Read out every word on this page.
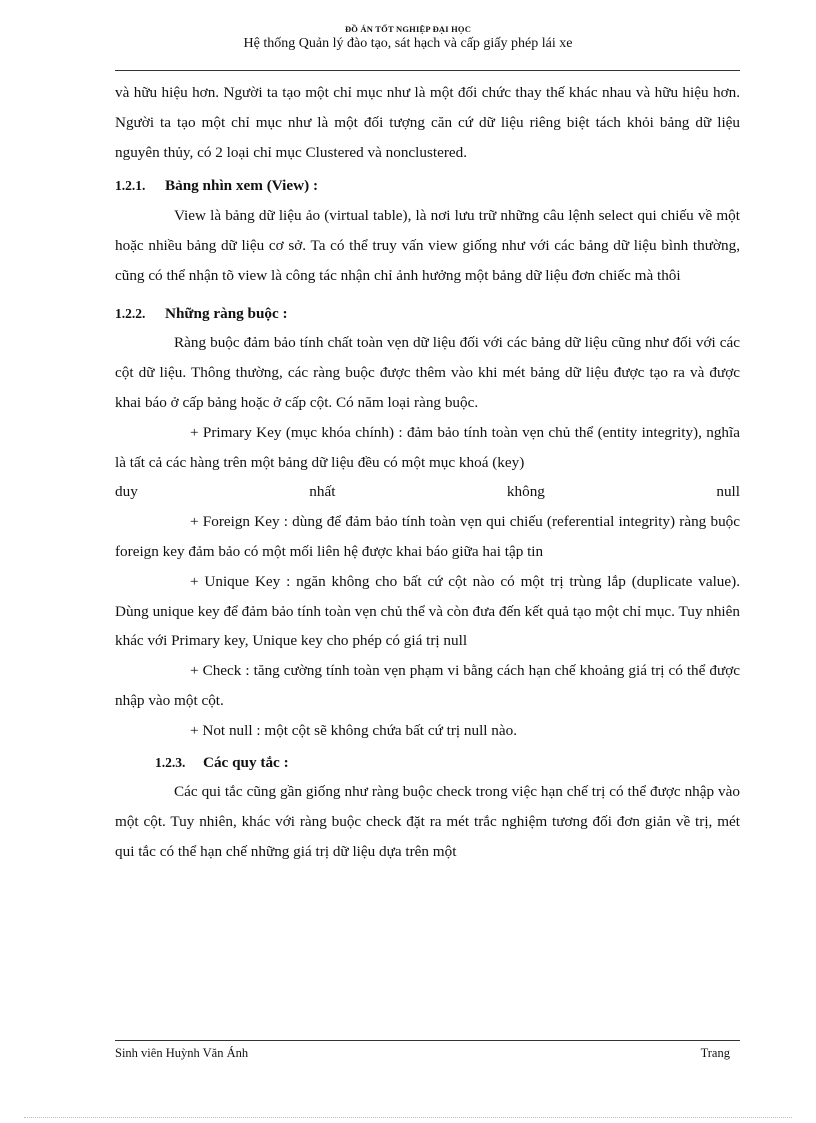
ĐỒ ÁN TỐT NGHIỆP ĐẠI HỌC
Hệ thống Quản lý đào tạo, sát hạch và cấp giấy phép lái xe

và hữu hiệu hơn. Người ta tạo một chỉ mục như là một đối chức thay thế khác nhau và hữu hiệu hơn. Người ta tạo một chỉ mục như là một đối tượng căn cứ dữ liệu riêng biệt tách khỏi bảng dữ liệu nguyên thủy, có 2 loại chỉ mục Clustered và nonclustered.

1.2.1.	Bảng nhìn xem (View) :

View là bảng dữ liệu ảo (virtual table), là nơi lưu trữ những câu lệnh select qui chiếu về một hoặc nhiều bảng dữ liệu cơ sở. Ta có thể truy vấn view giống như với các bảng dữ liệu bình thường, cũng có thể nhận tõ view là công tác nhận chỉ ảnh hưởng một bảng dữ liệu đơn chiếc mà thôi

1.2.2.	Những ràng buộc :

Ràng buộc đảm bảo tính chất toàn vẹn dữ liệu đối với các bảng dữ liệu cũng như đối với các cột dữ liệu. Thông thường, các ràng buộc được thêm vào khi mét bảng dữ liệu được tạo ra và được khai báo ở cấp bảng hoặc ở cấp cột. Có năm loại ràng buộc.

+ Primary Key (mục khóa chính) : đảm bảo tính toàn vẹn chủ thể (entity integrity), nghĩa là tất cả các hàng trên một bảng dữ liệu đều có một mục khoá (key)

duy nhất không null

+ Foreign Key : dùng để đảm bảo tính toàn vẹn qui chiếu (referential integrity) ràng buộc foreign key đảm bảo có một mối liên hệ được khai báo giữa hai tập tin

+ Unique Key : ngăn không cho bất cứ cột nào có một trị trùng lắp (duplicate value). Dùng unique key để đảm bảo tính toàn vẹn chủ thể và còn đưa đến kết quả tạo một chỉ mục. Tuy nhiên khác với Primary key, Unique key cho phép có giá trị null

+ Check : tăng cường tính toàn vẹn phạm vi bằng cách hạn chế khoảng giá trị có thể được nhập vào một cột.

+ Not null : một cột sẽ không chứa bất cứ trị null nào.

1.2.3.	Các quy tắc :

Các qui tắc cũng gần giống như ràng buộc check trong việc hạn chế trị có thể được nhập vào một cột. Tuy nhiên, khác với ràng buộc check đặt ra mét trắc nghiệm tương đối đơn giản về trị, mét qui tắc có thể hạn chế những giá trị dữ liệu dựa trên một

Sinh viên Huỳnh Văn Ánh	Trang
